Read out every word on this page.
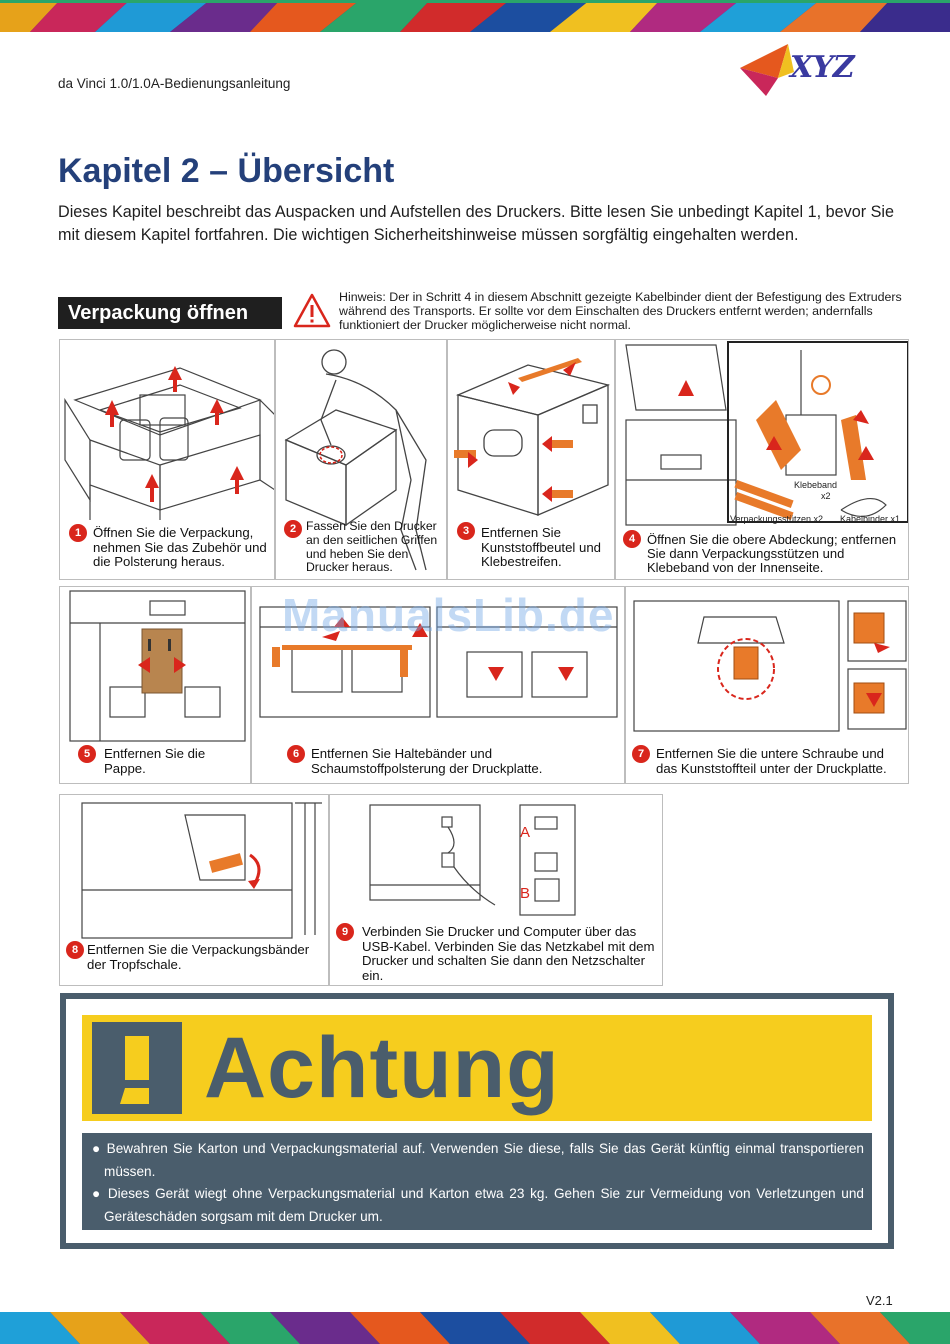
da Vinci 1.0/1.0A-Bedienungsanleitung	XYZ
Kapitel 2 – Übersicht
Dieses Kapitel beschreibt das Auspacken und Aufstellen des Druckers. Bitte lesen Sie unbedingt Kapitel 1, bevor Sie mit diesem Kapitel fortfahren. Die wichtigen Sicherheitshinweise müssen sorgfältig eingehalten werden.
Verpackung öffnen
Hinweis: Der in Schritt 4 in diesem Abschnitt gezeigte Kabelbinder dient der Befestigung des Extruders während des Transports. Er sollte vor dem Einschalten des Druckers entfernt werden; andernfalls funktioniert der Drucker möglicherweise nicht normal.
1 Öffnen Sie die Verpackung, nehmen Sie das Zubehör und die Polsterung heraus.
2 Fassen Sie den Drucker an den seitlichen Griffen und heben Sie den Drucker heraus.
3 Entfernen Sie Kunststoffbeutel und Klebestreifen.
Klebeband
x2
Verpackungsstützen x2 Kabelbinder x1
4 Öffnen Sie die obere Abdeckung; entfernen Sie dann Verpackungsstützen und Klebeband von der Innenseite.
5	Entfernen Sie die Pappe.
6 Entfernen Sie Haltebänder und Schaumstoffpolsterung der Druckplatte.
7 Entfernen Sie die untere Schraube und das Kunststoffteil unter der Druckplatte.
ManualsLib.de
8 Entfernen Sie die Verpackungsbänder der Tropfschale.
A
B
9	Verbinden Sie Drucker und Computer über das USB-Kabel. Verbinden Sie das Netzkabel mit dem Drucker und schalten Sie dann den Netzschalter ein.
Achtung

● Bewahren Sie Karton und Verpackungsmaterial auf. Verwenden Sie diese, falls Sie das Gerät künftig einmal transportieren müssen.

● Dieses Gerät wiegt ohne Verpackungsmaterial und Karton etwa 23 kg. Gehen Sie zur Vermeidung von Verletzungen und Geräteschäden sorgsam mit dem Drucker um.

V2.1
